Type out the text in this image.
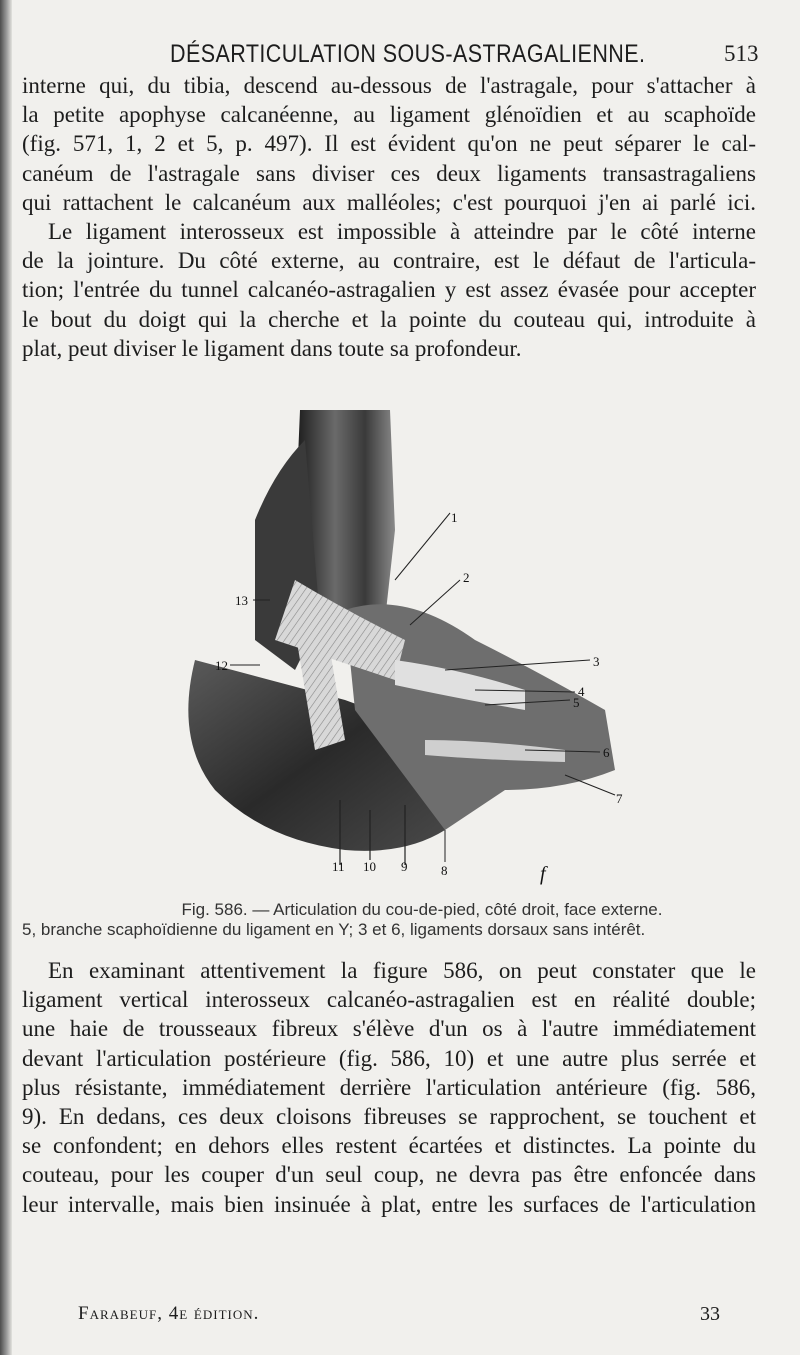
DÉSARTICULATION SOUS-ASTRAGALIENNE.	513

interne qui, du tibia, descend au-dessous de l'astragale, pour s'attacher à
la petite apophyse calcanéenne, au ligament glénoïdien et au scaphoïde
(fig. 571, 1, 2 et 5, p. 497). Il est évident qu'on ne peut séparer le cal-
canéum de l'astragale sans diviser ces deux ligaments transastragaliens
qui rattachent le calcanéum aux malléoles; c'est pourquoi j'en ai parlé ici.

Le ligament interosseux est impossible à atteindre par le côté interne
de la jointure. Du côté externe, au contraire, est le défaut de l'articula-
tion; l'entrée du tunnel calcanéo-astragalien y est assez évasée pour accepter
le bout du doigt qui la cherche et la pointe du couteau qui, introduite à
plat, peut diviser le ligament dans toute sa profondeur.

1
2
3
4
5
6
7
8
9
10
11
12
13
f
Fig. 586. — Articulation du cou-de-pied, côté droit, face externe.
5, branche scaphoïdienne du ligament en Y; 3 et 6, ligaments dorsaux sans intérêt.

En examinant attentivement la figure 586, on peut constater que le
ligament vertical interosseux calcanéo-astragalien est en réalité double;
une haie de trousseaux fibreux s'élève d'un os à l'autre immédiatement
devant l'articulation postérieure (fig. 586, 10) et une autre plus serrée et
plus résistante, immédiatement derrière l'articulation antérieure (fig. 586,
9). En dedans, ces deux cloisons fibreuses se rapprochent, se touchent et
se confondent; en dehors elles restent écartées et distinctes. La pointe du
couteau, pour les couper d'un seul coup, ne devra pas être enfoncée dans
leur intervalle, mais bien insinuée à plat, entre les surfaces de l'articulation

Farabeuf, 4e édition.	33
